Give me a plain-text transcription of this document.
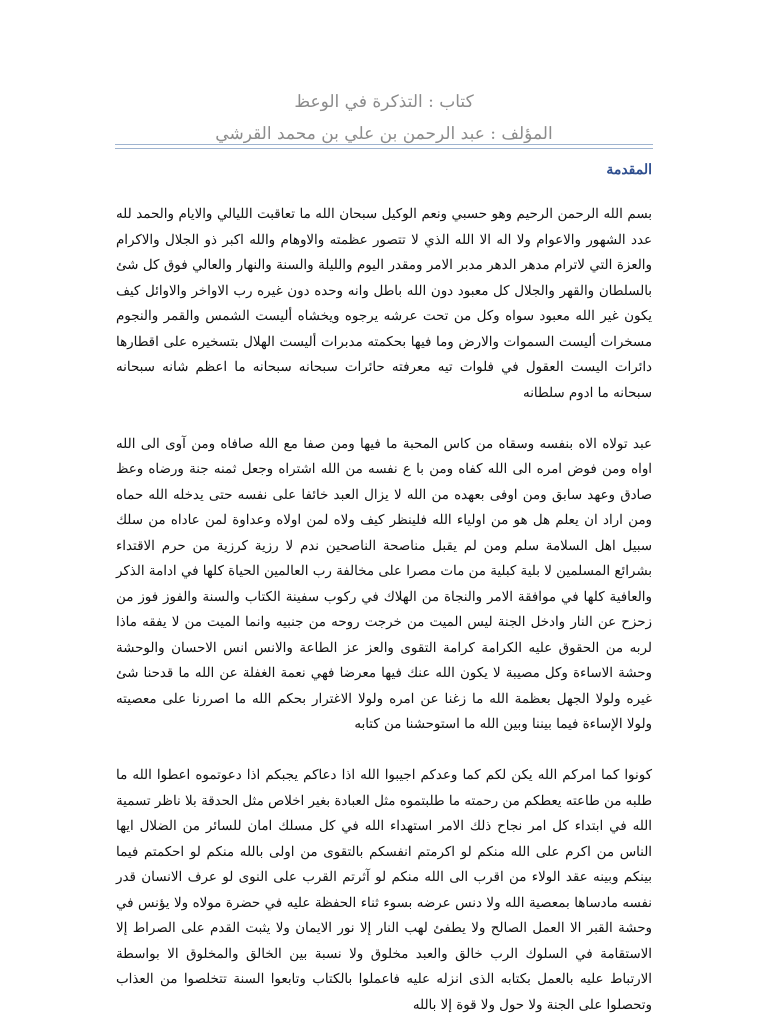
كتاب : التذكرة في الوعظ
المؤلف : عبد الرحمن بن علي بن محمد القرشي
المقدمة

بسم الله الرحمن الرحيم وهو حسبي ونعم الوكيل سبحان الله ما تعاقبت الليالي والايام والحمد لله عدد الشهور والاعوام ولا اله الا الله الذي لا تتصور عظمته والاوهام والله اكبر ذو الجلال والاكرام والعزة التي لاترام مدهر الدهر مدبر الامر ومقدر اليوم والليلة والسنة والنهار والعالي فوق كل شئ بالسلطان والقهر والجلال كل معبود دون الله باطل وانه وحده دون غيره رب الاواخر والاوائل كيف يكون غير الله معبود سواه وكل من تحت عرشه يرجوه ويخشاه أليست الشمس والقمر والنجوم مسخرات أليست السموات والارض وما فيها بحكمته مدبرات أليست الهلال بتسخيره على اقطارها دائرات اليست العقول في فلوات تيه معرفته حائرات سبحانه سبحانه ما اعظم شانه سبحانه سبحانه ما ادوم سلطانه

عبد تولاه الاه بنفسه وسقاه من كاس المحبة ما فيها ومن صفا مع الله صافاه ومن آوى الى الله اواه ومن فوض امره الى الله كفاه ومن با ع نفسه من الله اشتراه وجعل ثمنه جنة ورضاه وعظ صادق وعهد سابق ومن اوفى بعهده من الله لا يزال العبد خائفا على نفسه حتى يدخله الله حماه ومن اراد ان يعلم هل هو من اولياء الله فلينظر كيف ولاه لمن اولاه وعداوة لمن عاداه من سلك سبيل اهل السلامة سلم ومن لم يقبل مناصحة الناصحين ندم لا رزية كرزية من حرم الاقتداء بشرائع المسلمين لا بلية كبلية من مات مصرا على مخالفة رب العالمين الحياة كلها في ادامة الذكر والعافية كلها في موافقة الامر والنجاة من الهلاك في ركوب سفينة الكتاب والسنة والفوز فوز من زحزح عن النار وادخل الجنة ليس الميت من خرجت روحه من جنبيه وانما الميت من لا يفقه ماذا لربه من الحقوق عليه الكرامة كرامة التقوى والعز عز الطاعة والانس انس الاحسان والوحشة وحشة الاساءة وكل مصيبة لا يكون الله عنك فيها معرضا فهي نعمة الغفلة عن الله ما قدحنا شئ غيره ولولا الجهل بعظمة الله ما زغنا عن امره ولولا الاغترار بحكم الله ما اصررنا على معصيته ولولا الإساءة فيما بيننا وبين الله ما استوحشنا من كتابه

كونوا كما امركم الله يكن لكم كما وعدكم اجيبوا الله اذا دعاكم يجبكم اذا دعوتموه اعطوا الله ما طلبه من طاعته يعطكم من رحمته ما طلبتموه مثل العبادة بغير اخلاص مثل الحدقة بلا ناظر تسمية الله في ابتداء كل امر نجاح ذلك الامر استهداء الله في كل مسلك امان للسائر من الضلال ايها الناس من اكرم على الله منكم لو اكرمتم انفسكم بالتقوى من اولى بالله منكم لو احكمتم فيما بينكم وبينه عقد الولاء من اقرب الى الله منكم لو آثرتم القرب على النوى لو عرف الانسان قدر نفسه مادساها بمعصية الله ولا دنس عرضه بسوء ثناء الحفظة عليه في حضرة مولاه ولا يؤنس في وحشة القبر الا العمل الصالح ولا يطفئ لهب النار إلا نور الايمان ولا يثبت القدم على الصراط إلا الاستقامة في السلوك الرب خالق والعبد مخلوق ولا نسبة بين الخالق والمخلوق الا بواسطة الارتباط عليه بالعمل بكتابه الذى انزله عليه فاعملوا بالكتاب وتابعوا السنة تتخلصوا من العذاب وتحصلوا على الجنة ولا حول ولا قوة إلا بالله
